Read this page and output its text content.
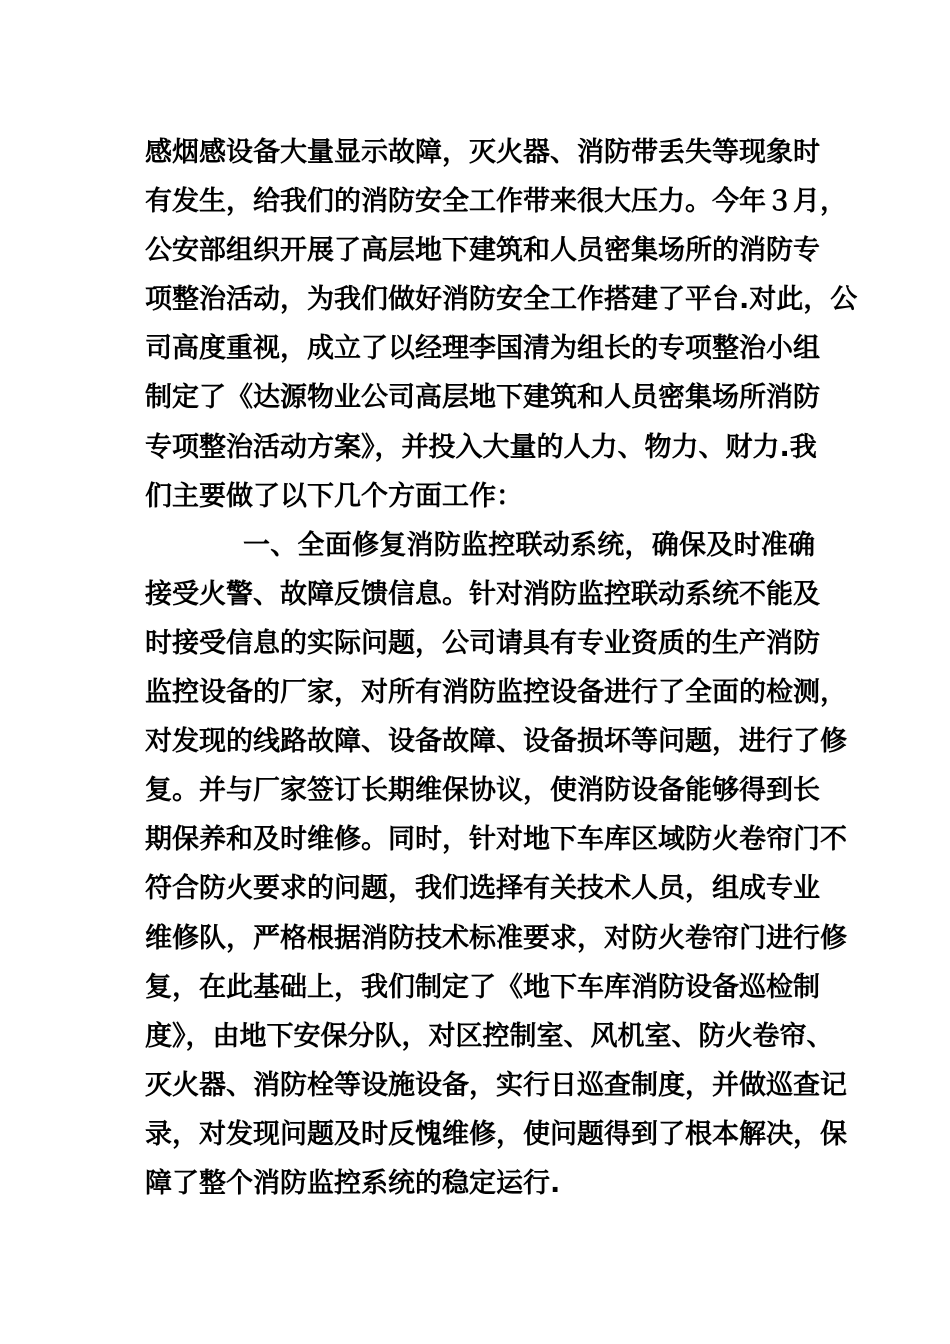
感烟感设备大量显示故障，灭火器、消防带丢失等现象时
有发生，给我们的消防安全工作带来很大压力。今年３月，
公安部组织开展了高层地下建筑和人员密集场所的消防专
项整治活动，为我们做好消防安全工作搭建了平台.对此，公
司高度重视，成立了以经理李国清为组长的专项整治小组
制定了《达源物业公司高层地下建筑和人员密集场所消防
专项整治活动方案》，并投入大量的人力、物力、财力.我
们主要做了以下几个方面工作：
一、全面修复消防监控联动系统，确保及时准确
接受火警、故障反馈信息。针对消防监控联动系统不能及
时接受信息的实际问题，公司请具有专业资质的生产消防
监控设备的厂家，对所有消防监控设备进行了全面的检测，
对发现的线路故障、设备故障、设备损坏等问题，进行了修
复。并与厂家签订长期维保协议，使消防设备能够得到长
期保养和及时维修。同时，针对地下车库区域防火卷帘门不
符合防火要求的问题，我们选择有关技术人员，组成专业
维修队，严格根据消防技术标准要求，对防火卷帘门进行修
复，在此基础上，我们制定了《地下车库消防设备巡检制
度》，由地下安保分队，对区控制室、风机室、防火卷帘、
灭火器、消防栓等设施设备，实行日巡查制度，并做巡查记
录，对发现问题及时反愧维修，使问题得到了根本解决，保
障了整个消防监控系统的稳定运行.
